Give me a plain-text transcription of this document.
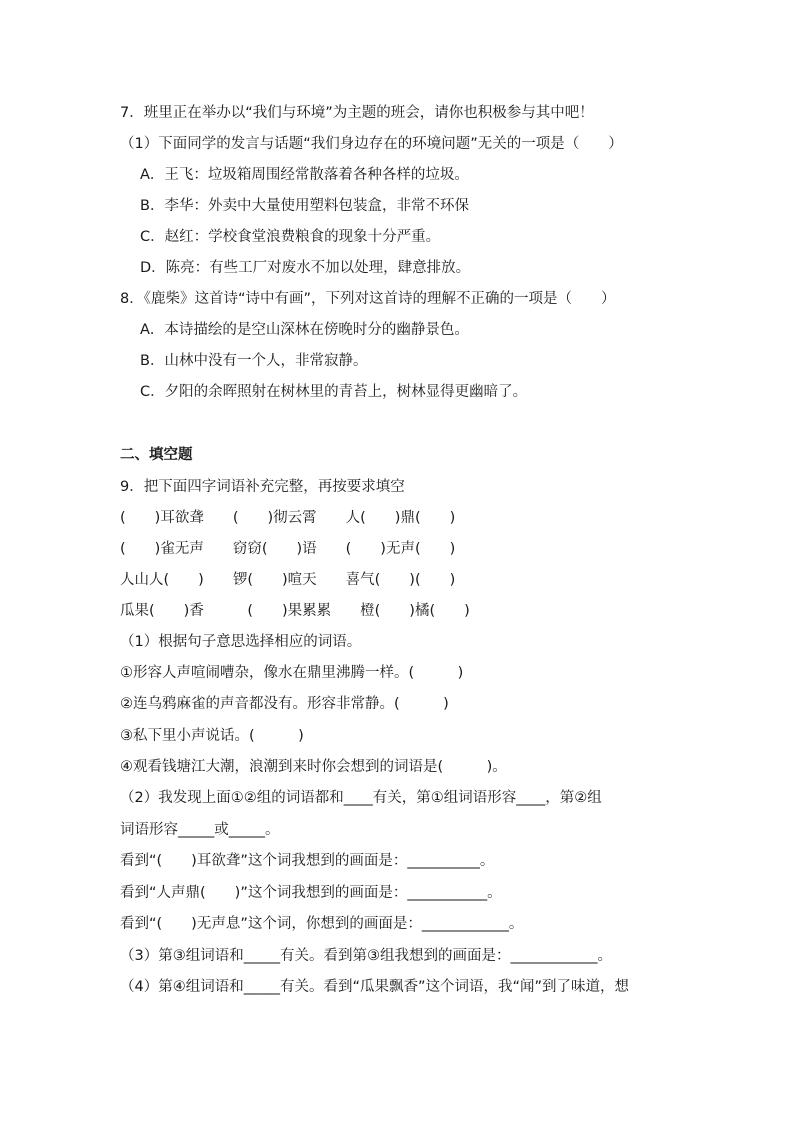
7．班里正在举办以“我们与环境”为主题的班会，请你也积极参与其中吧！
（1）下面同学的发言与话题“我们身边存在的环境问题”无关的一项是（　　）
A．王飞：垃圾箱周围经常散落着各种各样的垃圾。
B．李华：外卖中大量使用塑料包装盒，非常不环保
C．赵红：学校食堂浪费粮食的现象十分严重。
D．陈亮：有些工厂对废水不加以处理，肆意排放。
8．《鹿柴》这首诗“诗中有画”，下列对这首诗的理解不正确的一项是（　　）
A．本诗描绘的是空山深林在傍晚时分的幽静景色。
B．山林中没有一个人，非常寂静。
C．夕阳的余晖照射在树林里的青苔上，树林显得更幽暗了。
二、填空题
9．把下面四字词语补充完整，再按要求填空
(　　)耳欲聋　　(　　)彻云霄　　人(　　)鼎(　　)
(　　)雀无声　　窃窃(　　)语　　(　　)无声(　　)
人山人(　　)　　锣(　　)喧天　　喜气(　　)(　　)
瓜果(　　)香　　　(　　)果累累　　橙(　　)橘(　　)
（1）根据句子意思选择相应的词语。
①形容人声喧闹嘈杂，像水在鼎里沸腾一样。(　　　)
②连乌鸦麻雀的声音都没有。形容非常静。(　　　)
③私下里小声说话。(　　　)
④观看钱塘江大潮，浪潮到来时你会想到的词语是(　　　)。
（2）我发现上面①②组的词语都和____有关，第①组词语形容____，第②组
词语形容_____或_____。
看到“(　　)耳欲聋”这个词我想到的画面是：__________。
看到“人声鼎(　　)”这个词我想到的画面是：___________。
看到“(　　)无声息”这个词，你想到的画面是：____________。
（3）第③组词语和_____有关。看到第③组我想到的画面是：____________。
（4）第④组词语和_____有关。看到“瓜果飘香”这个词语，我“闻”到了味道，想
